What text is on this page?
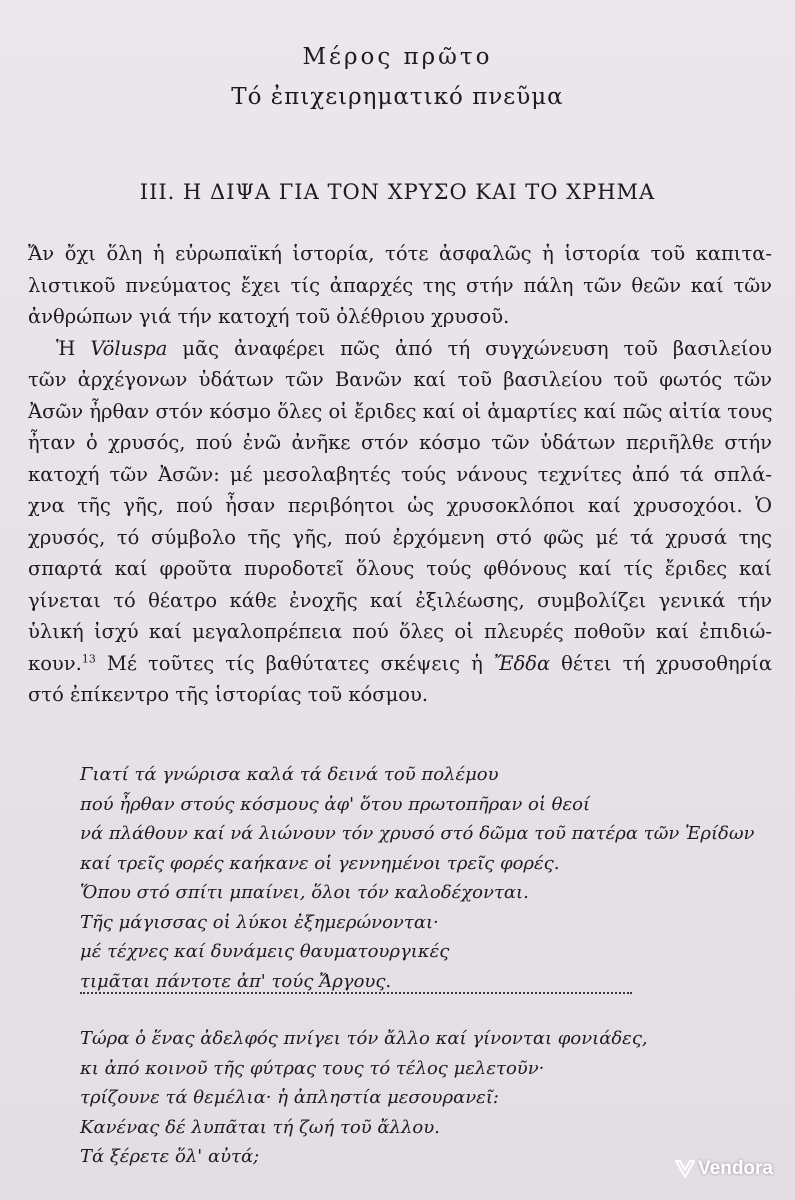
Μέρος πρῶτο
Τό ἐπιχειρηματικό πνεῦμα
ΙΙΙ. Η ΔΙΨΑ ΓΙΑ ΤΟΝ ΧΡΥΣΟ ΚΑΙ ΤΟ ΧΡΗΜΑ
Ἄν ὄχι ὅλη ἡ εὐρωπαϊκή ἱστορία, τότε ἀσφαλῶς ἡ ἱστορία τοῦ καπιτα-
λιστικοῦ πνεύματος ἔχει τίς ἀπαρχές της στήν πάλη τῶν θεῶν καί τῶν
ἀνθρώπων γιά τήν κατοχή τοῦ ὀλέθριου χρυσοῦ.
Ἡ Völuspa μᾶς ἀναφέρει πῶς ἀπό τή συγχώνευση τοῦ βασιλείου
τῶν ἀρχέγονων ὑδάτων τῶν Βανῶν καί τοῦ βασιλείου τοῦ φωτός τῶν
Ἀσῶν ἦρθαν στόν κόσμο ὅλες οἱ ἔριδες καί οἱ ἁμαρτίες καί πῶς αἰτία τους
ἦταν ὁ χρυσός, πού ἐνῶ ἀνῆκε στόν κόσμο τῶν ὑδάτων περιῆλθε στήν
κατοχή τῶν Ἀσῶν: μέ μεσολαβητές τούς νάνους τεχνίτες ἀπό τά σπλά-
χνα τῆς γῆς, πού ἦσαν περιβόητοι ὡς χρυσοκλόποι καί χρυσοχόοι. Ὁ
χρυσός, τό σύμβολο τῆς γῆς, πού ἐρχόμενη στό φῶς μέ τά χρυσά της
σπαρτά καί φροῦτα πυροδοτεῖ ὅλους τούς φθόνους καί τίς ἔριδες καί
γίνεται τό θέατρο κάθε ἐνοχῆς καί ἐξιλέωσης, συμβολίζει γενικά τήν
ὑλική ἰσχύ καί μεγαλοπρέπεια πού ὅλες οἱ πλευρές ποθοῦν καί ἐπιδιώ-
κουν.$^{13}$ Μέ τοῦτες τίς βαθύτατες σκέψεις ἡ Ἔδδα θέτει τή χρυσοθηρία
στό ἐπίκεντρο τῆς ἱστορίας τοῦ κόσμου.
Γιατί τά γνώρισα καλά τά δεινά τοῦ πολέμου
πού ἦρθαν στούς κόσμους ἀφ' ὅτου πρωτοπῆραν οἱ θεοί
νά πλάθουν καί νά λιώνουν τόν χρυσό στό δῶμα τοῦ πατέρα τῶν Ἐρίδων
καί τρεῖς φορές καήκανε οἱ γεννημένοι τρεῖς φορές.
Ὅπου στό σπίτι μπαίνει, ὅλοι τόν καλοδέχονται.
Τῆς μάγισσας οἱ λύκοι ἐξημερώνονται·
μέ τέχνες καί δυνάμεις θαυματουργικές
τιμᾶται πάντοτε ἀπ' τούς Ἄργους.
Τώρα ὁ ἕνας ἀδελφός πνίγει τόν ἄλλο καί γίνονται φονιάδες,
κι ἀπό κοινοῦ τῆς φύτρας τους τό τέλος μελετοῦν·
τρίζουνε τά θεμέλια· ἡ ἀπληστία μεσουρανεῖ:
Κανένας δέ λυπᾶται τή ζωή τοῦ ἄλλου.
Τά ξέρετε ὅλ' αὐτά;
Vendora
